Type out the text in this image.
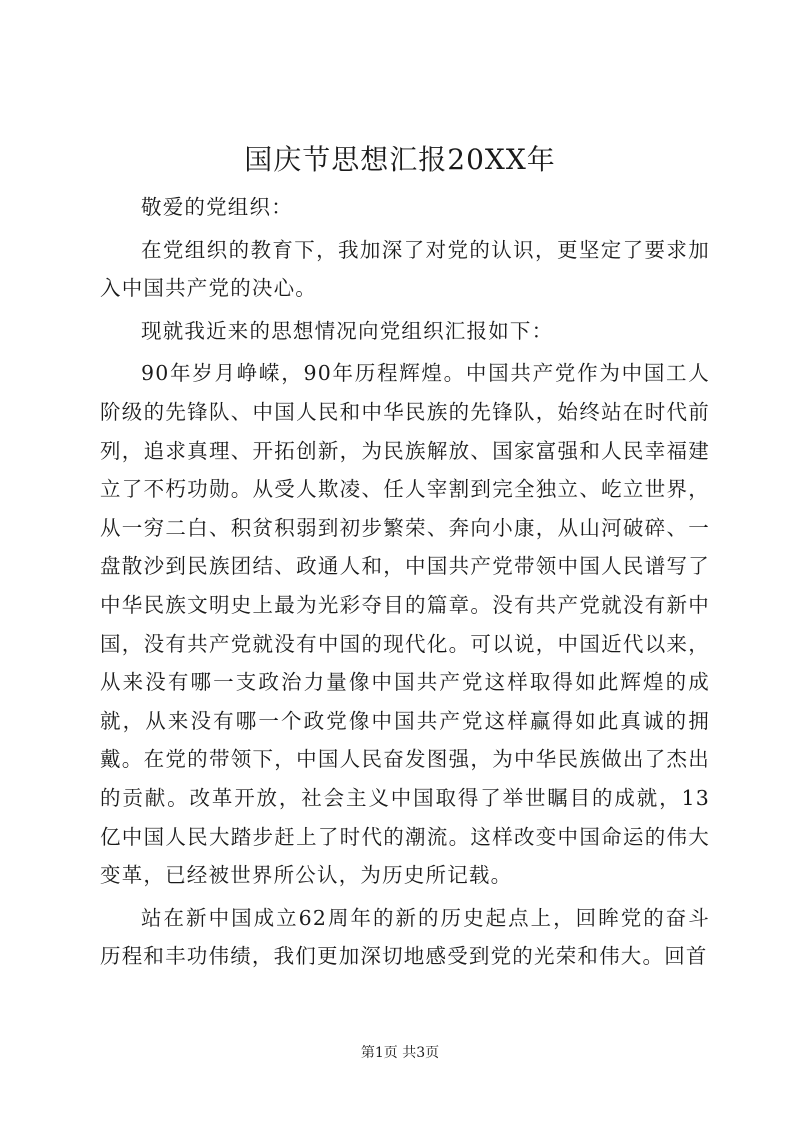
国庆节思想汇报20XX年

敬爱的党组织：

在党组织的教育下，我加深了对党的认识，更坚定了要求加入中国共产党的决心。

现就我近来的思想情况向党组织汇报如下：

90年岁月峥嵘，90年历程辉煌。中国共产党作为中国工人阶级的先锋队、中国人民和中华民族的先锋队，始终站在时代前列，追求真理、开拓创新，为民族解放、国家富强和人民幸福建立了不朽功勋。从受人欺凌、任人宰割到完全独立、屹立世界，从一穷二白、积贫积弱到初步繁荣、奔向小康，从山河破碎、一盘散沙到民族团结、政通人和，中国共产党带领中国人民谱写了中华民族文明史上最为光彩夺目的篇章。没有共产党就没有新中国，没有共产党就没有中国的现代化。可以说，中国近代以来，从来没有哪一支政治力量像中国共产党这样取得如此辉煌的成就，从来没有哪一个政党像中国共产党这样赢得如此真诚的拥戴。在党的带领下，中国人民奋发图强，为中华民族做出了杰出的贡献。改革开放，社会主义中国取得了举世瞩目的成就，13亿中国人民大踏步赶上了时代的潮流。这样改变中国命运的伟大变革，已经被世界所公认，为历史所记载。

站在新中国成立62周年的新的历史起点上，回眸党的奋斗历程和丰功伟绩，我们更加深切地感受到党的光荣和伟大。回首

第1页 共3页
